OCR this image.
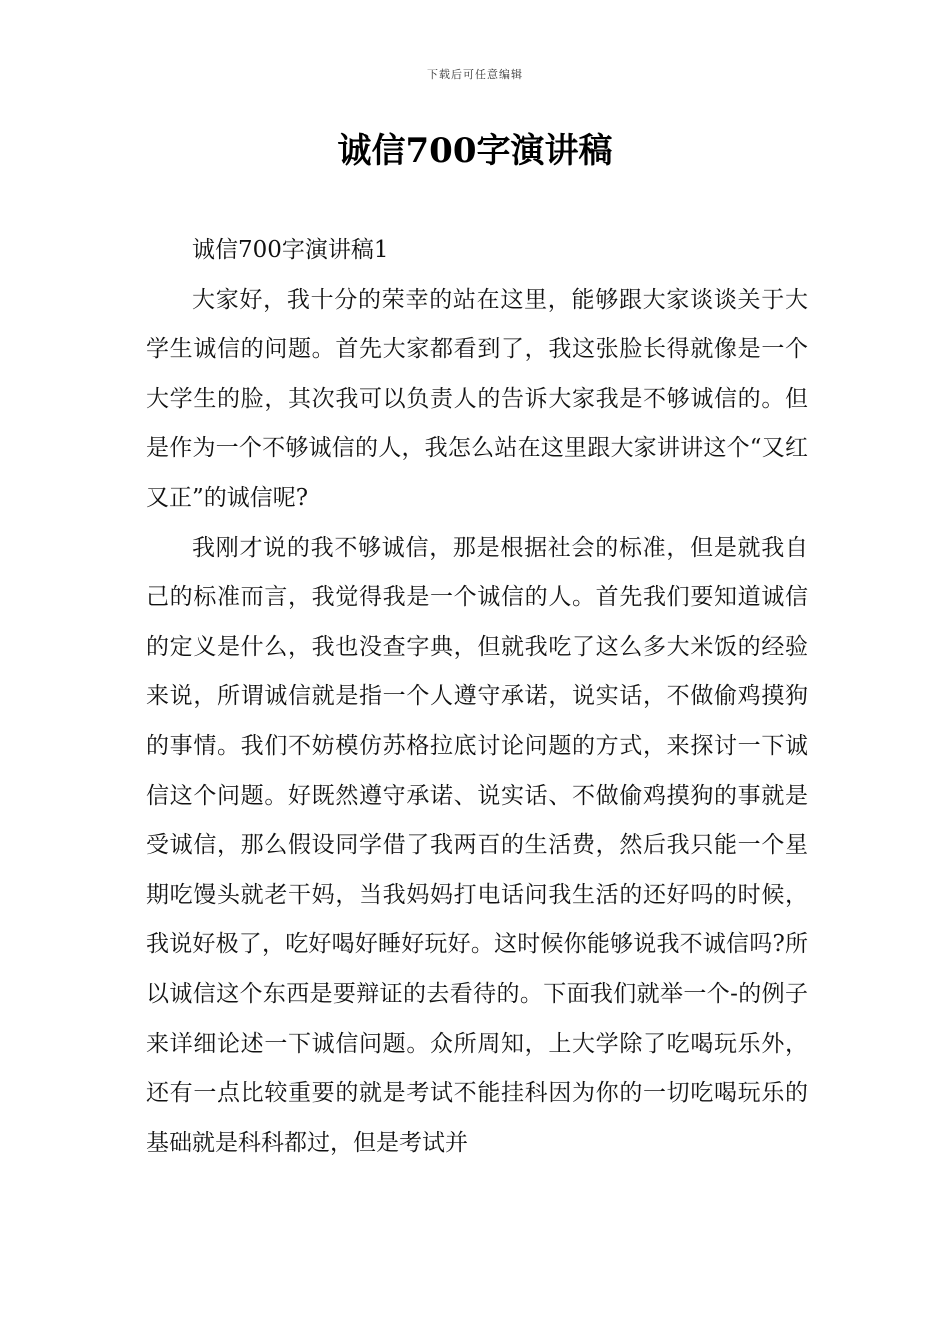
下载后可任意编辑
诚信700字演讲稿

诚信700字演讲稿1

大家好，我十分的荣幸的站在这里，能够跟大家谈谈关于大学生诚信的问题。首先大家都看到了，我这张脸长得就像是一个大学生的脸，其次我可以负责人的告诉大家我是不够诚信的。但是作为一个不够诚信的人，我怎么站在这里跟大家讲讲这个“又红又正”的诚信呢?

我刚才说的我不够诚信，那是根据社会的标准，但是就我自己的标准而言，我觉得我是一个诚信的人。首先我们要知道诚信的定义是什么，我也没查字典，但就我吃了这么多大米饭的经验来说，所谓诚信就是指一个人遵守承诺，说实话，不做偷鸡摸狗的事情。我们不妨模仿苏格拉底讨论问题的方式，来探讨一下诚信这个问题。好既然遵守承诺、说实话、不做偷鸡摸狗的事就是受诚信，那么假设同学借了我两百的生活费，然后我只能一个星期吃馒头就老干妈，当我妈妈打电话问我生活的还好吗的时候，我说好极了，吃好喝好睡好玩好。这时候你能够说我不诚信吗?所以诚信这个东西是要辩证的去看待的。下面我们就举一个-的例子来详细论述一下诚信问题。众所周知，上大学除了吃喝玩乐外，还有一点比较重要的就是考试不能挂科因为你的一切吃喝玩乐的基础就是科科都过，但是考试并
